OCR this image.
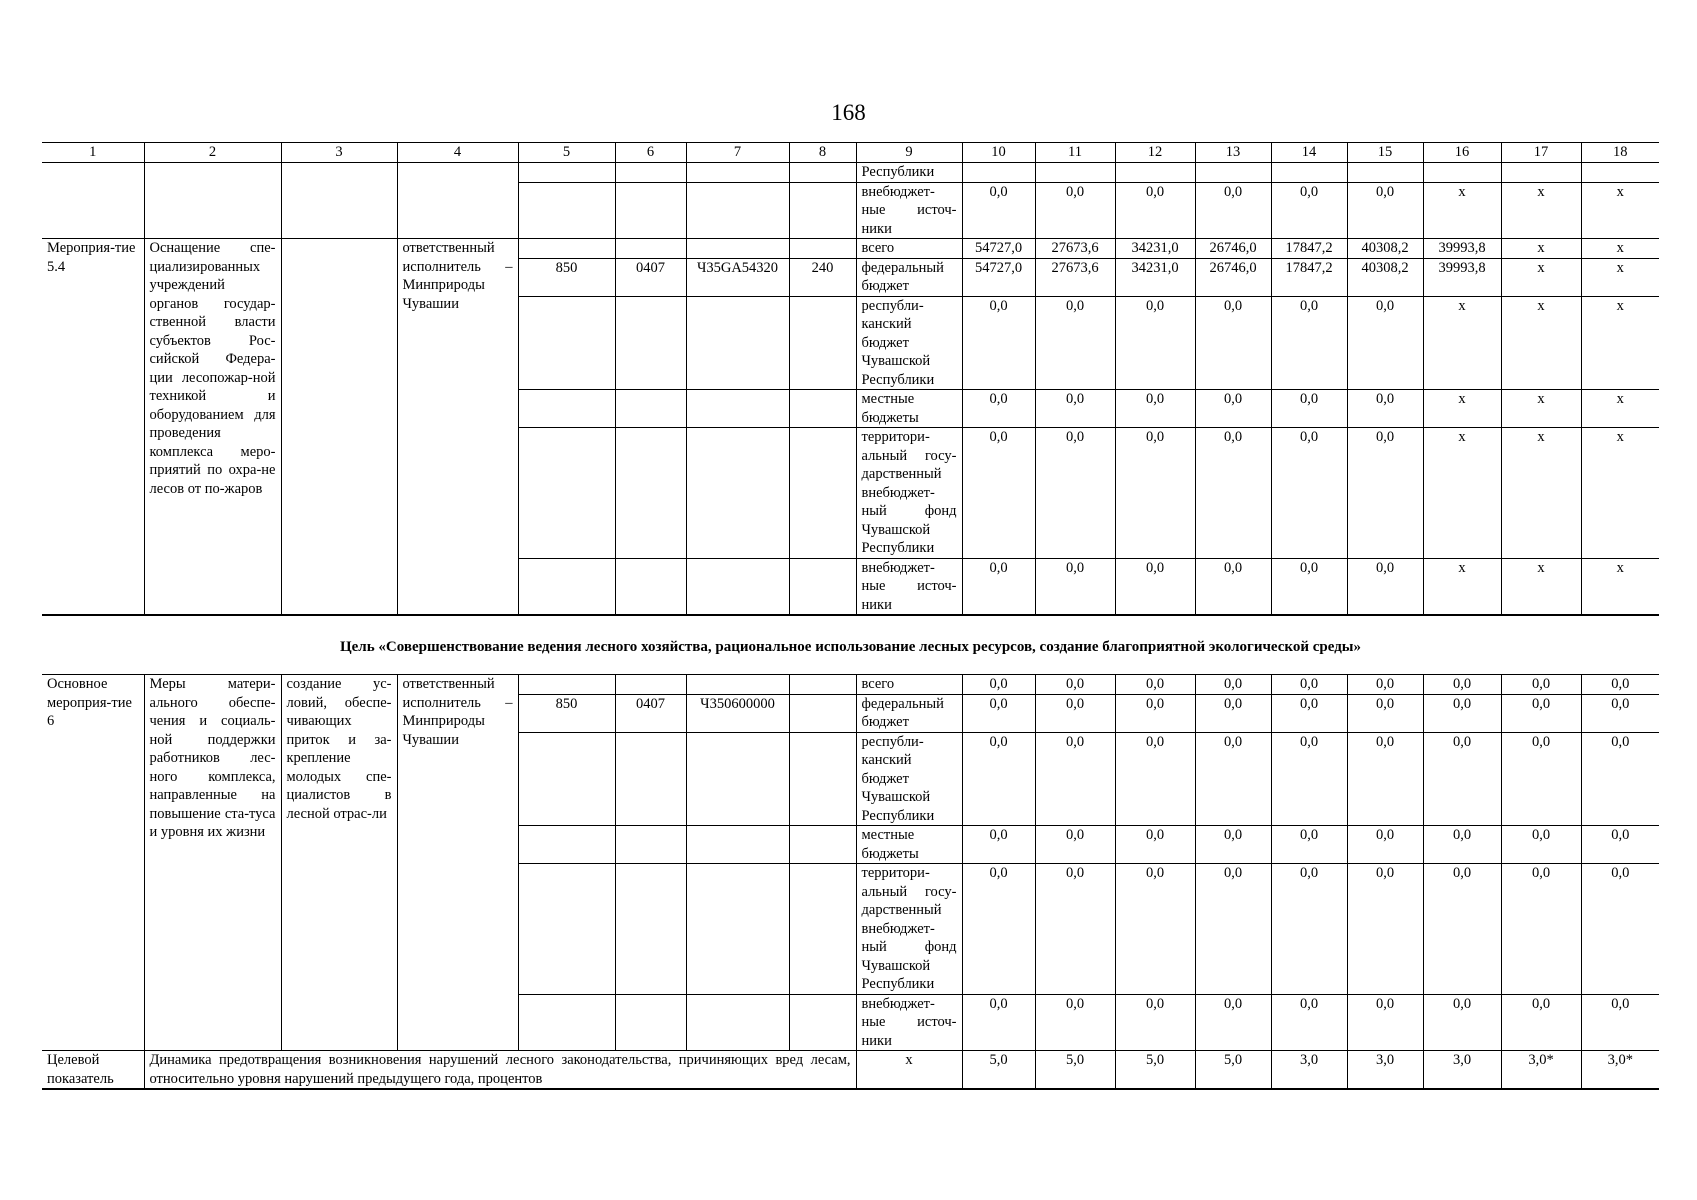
168
1	2	3	4	5	6	7	8	9	10	11	12	13	14	15	16	17	18
								Республики									
								внебюджет-ные источ-ники	0,0	0,0	0,0	0,0	0,0	0,0	x	x	x
Мероприя-тие 5.4	Оснащение спе-циализированных учреждений органов государ-ственной власти субъектов Рос-сийской Федера-ции лесопожар-ной техникой и оборудованием для проведения комплекса меро-приятий по охра-не лесов от по-жаров		ответственный исполнитель – Минприроды Чувашии					всего	54727,0	27673,6	34231,0	26746,0	17847,2	40308,2	39993,8	x	x
				850	0407	Ч35GA54320	240	федеральный бюджет	54727,0	27673,6	34231,0	26746,0	17847,2	40308,2	39993,8	x	x
								республи-канский бюджет Чувашской Республики	0,0	0,0	0,0	0,0	0,0	0,0	x	x	x
								местные бюджеты	0,0	0,0	0,0	0,0	0,0	0,0	x	x	x
								территори-альный госу-дарственный внебюджет-ный фонд Чувашской Республики	0,0	0,0	0,0	0,0	0,0	0,0	x	x	x
								внебюджет-ные источ-ники	0,0	0,0	0,0	0,0	0,0	0,0	x	x	x
Цель «Совершенствование ведения лесного хозяйства, рациональное использование лесных ресурсов, создание благоприятной экологической среды»
Основное мероприя-тие 6	Меры матери-ального обеспе-чения и социаль-ной поддержки работников лес-ного комплекса, направленные на повышение ста-туса и уровня их жизни	создание ус-ловий, обеспе-чивающих приток и за-крепление молодых спе-циалистов в лесной отрас-ли	ответственный исполнитель – Минприроды Чувашии					всего	0,0	0,0	0,0	0,0	0,0	0,0	0,0	0,0	0,0
				850	0407	Ч350600000		федеральный бюджет	0,0	0,0	0,0	0,0	0,0	0,0	0,0	0,0	0,0
								республи-канский бюджет Чувашской Республики	0,0	0,0	0,0	0,0	0,0	0,0	0,0	0,0	0,0
								местные бюджеты	0,0	0,0	0,0	0,0	0,0	0,0	0,0	0,0	0,0
								территори-альный госу-дарственный внебюджет-ный фонд Чувашской Республики	0,0	0,0	0,0	0,0	0,0	0,0	0,0	0,0	0,0
								внебюджет-ные источ-ники	0,0	0,0	0,0	0,0	0,0	0,0	0,0	0,0	0,0
Целевой показатель	Динамика предотвращения возникновения нарушений лесного законодательства, причиняющих вред лесам, относительно уровня нарушений предыдущего года, процентов							x	5,0	5,0	5,0	5,0	3,0	3,0	3,0	3,0*	3,0*
